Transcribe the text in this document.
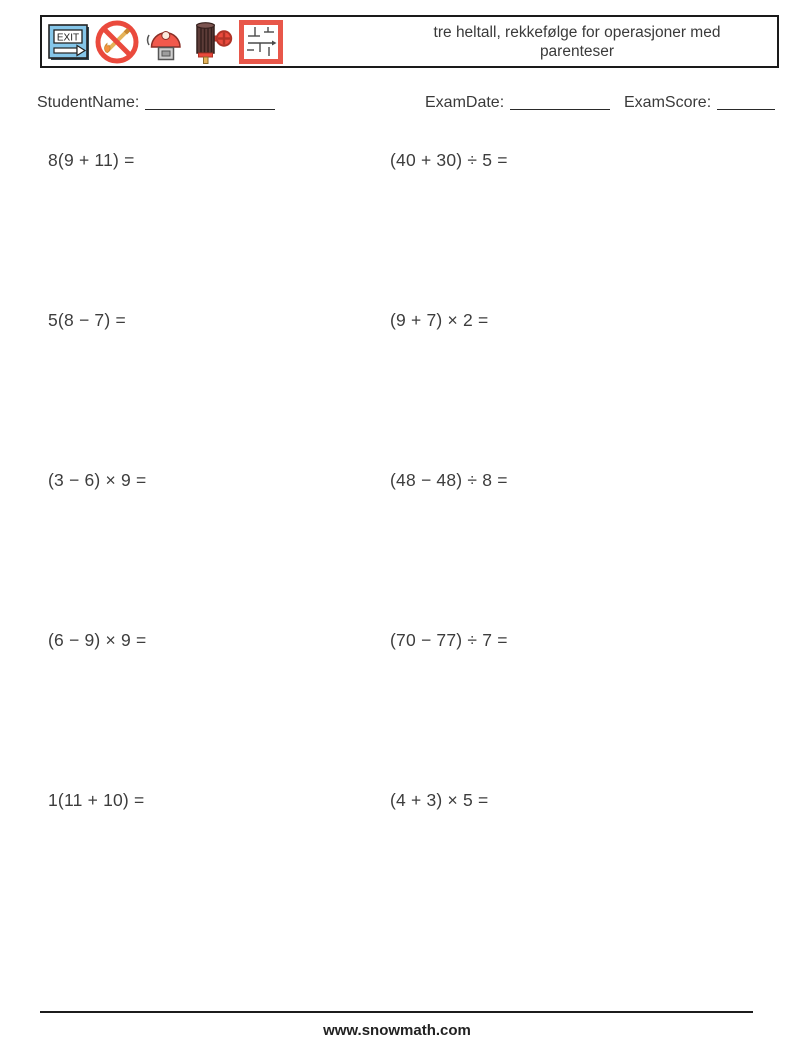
EXIT	tre heltall, rekkefølge for operasjoner med parenteser
StudentName:	ExamDate:	ExamScore:
8(9 + 11) =	(40 + 30) ÷ 5 =
5(8 − 7) =	(9 + 7) × 2 =
(3 − 6) × 9 =	(48 − 48) ÷ 8 =
(6 − 9) × 9 =	(70 − 77) ÷ 7 =
1(11 + 10) =	(4 + 3) × 5 =
www.snowmath.com
